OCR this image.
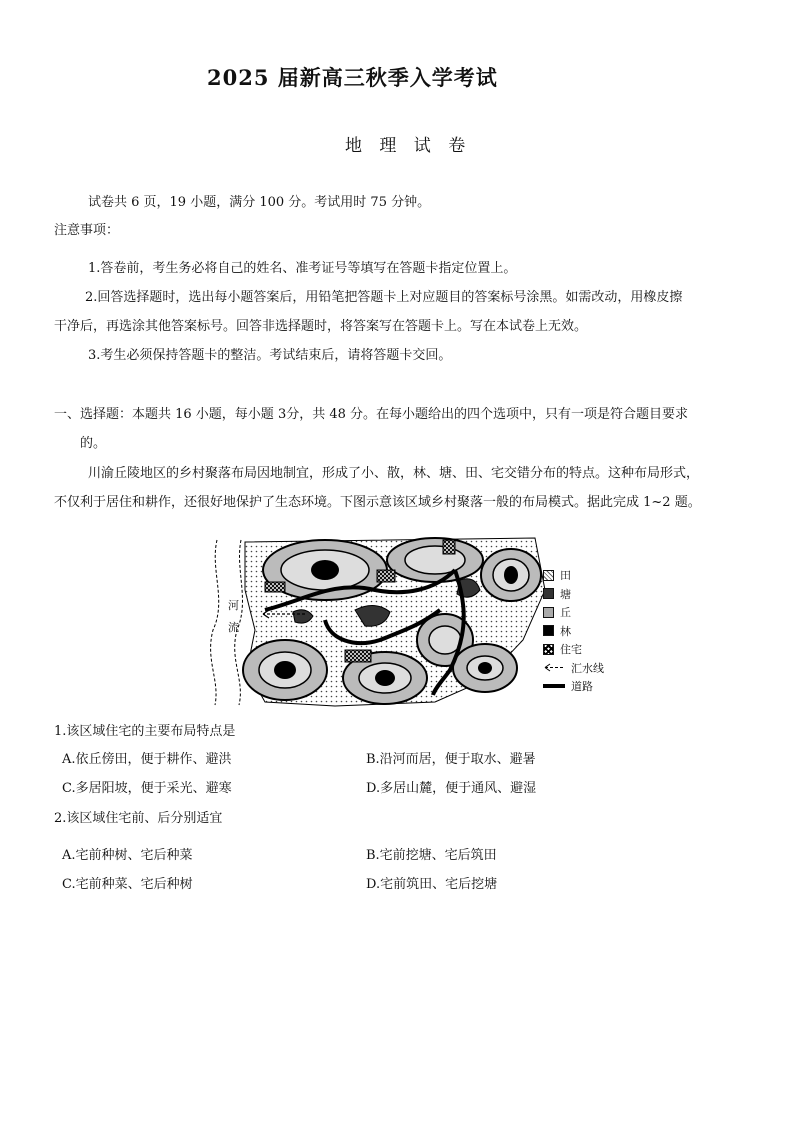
2025 届新高三秋季入学考试
地 理 试 卷
试卷共 6 页，19 小题，满分 100 分。考试用时 75 分钟。
注意事项：
1.答卷前，考生务必将自己的姓名、准考证号等填写在答题卡指定位置上。
2.回答选择题时，选出每小题答案后，用铅笔把答题卡上对应题目的答案标号涂黑。如需改动，用橡皮擦
干净后，再选涂其他答案标号。回答非选择题时，将答案写在答题卡上。写在本试卷上无效。
3.考生必须保持答题卡的整洁。考试结束后，请将答题卡交回。
一、选择题：本题共 16 小题，每小题 3分，共 48 分。在每小题给出的四个选项中，只有一项是符合题目要求
的。
川渝丘陵地区的乡村聚落布局因地制宜，形成了小、散，林、塘、田、宅交错分布的特点。这种布局形式，
不仅利于居住和耕作，还很好地保护了生态环境。下图示意该区域乡村聚落一般的布局模式。据此完成 1~2 题。
河
流
田
塘
丘
林
住宅
汇水线
道路
1.该区域住宅的主要布局特点是
A.依丘傍田，便于耕作、避洪	B.沿河而居，便于取水、避暑
C.多居阳坡，便于采光、避寒	D.多居山麓，便于通风、避湿
2.该区域住宅前、后分别适宜
A.宅前种树、宅后种菜	B.宅前挖塘、宅后筑田
C.宅前种菜、宅后种树	D.宅前筑田、宅后挖塘
